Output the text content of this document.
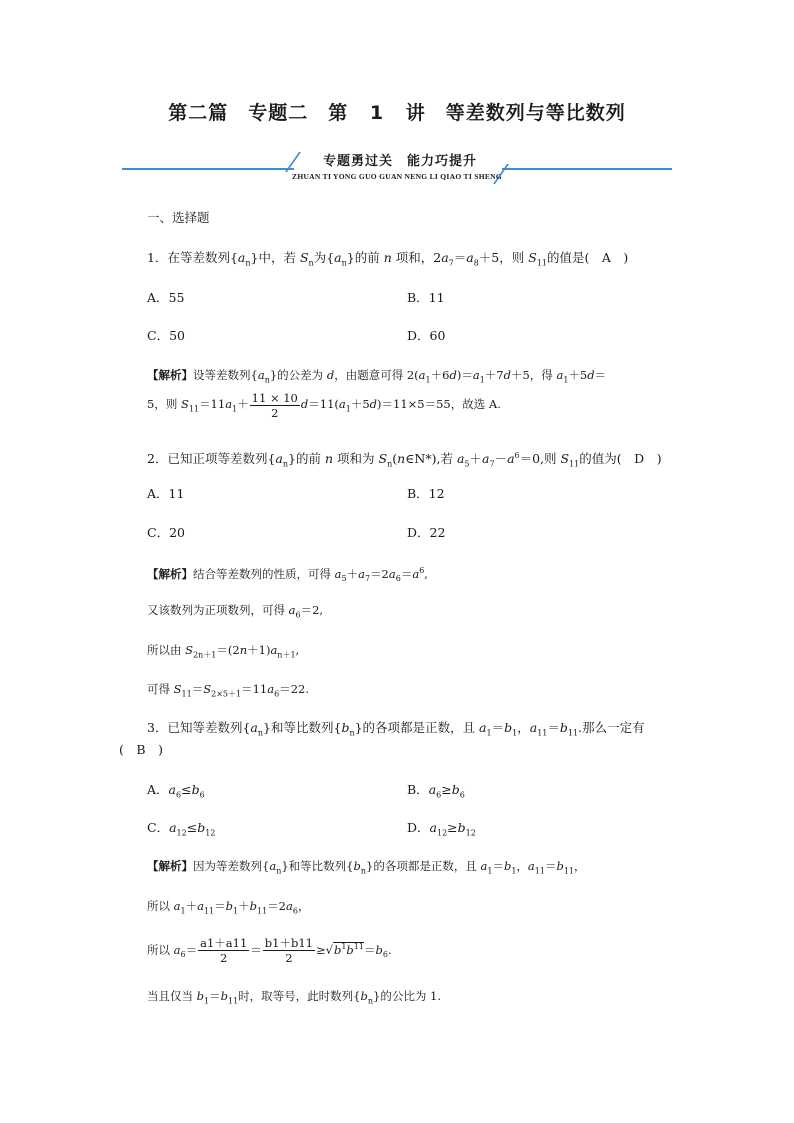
第二篇　专题二　第 1 讲　等差数列与等比数列
专题勇过关　能力巧提升
ZHUAN TI YONG GUO GUAN NENG LI QIAO TI SHENG
一、选择题
1．在等差数列$\{a_n\}$中，若 $S_n$为$\{a_n\}$的前 n 项和，$2a_7=a_8+5$，则 $S_{11}$的值是(　A　)
A．55	B．11
C．50	D．60
【解析】设等差数列$\{a_n\}$的公差为 d，由题意可得 $2(a_1+6d)=a_1+7d+5$，得 $a_1+5d=$
5，则 $S_{11}=11a_1+ \frac{11 \times 10}{2} d=11(a_1+5d)=11\times 5=55$，故选 A.
2．已知正项等差数列$\{a_n\}$的前 n 项和为 $S_n(n\in N*)$,若 $a_5+a_7-a^6=0$,则 $S_{11}$的值为(　D　)
A．11	B．12
C．20	D．22
【解析】结合等差数列的性质，可得 $a_5+a_7=2a_6=a^6$,
又该数列为正项数列，可得 $a_6=2$,
所以由 $S_{2n+1}=(2n+1)a_{n+1}$,
可得 $S_{11}=S_{2\times 5+1}=11a_6=22$.
3．已知等差数列$\{a_n\}$和等比数列$\{b_n\}$的各项都是正数，且 $a_1=b_1$，$a_{11}=b_{11}$.那么一定有
(　B　)
A．$a_6\le b_6$	B．$a_6\ge b_6$
C．$a_{12}\le b_{12}$	D．$a_{12}\ge b_{12}$
【解析】因为等差数列$\{a_n\}$和等比数列$\{b_n\}$的各项都是正数，且 $a_1=b_1$，$a_{11}=b_{11}$，
所以 $a_1+a_{11}=b_1+b_{11}=2a_6$，
所以 $a_6= \frac{a1+a11}{2} = \frac{b1+b11}{2} \ge√b^1b^{11}=b_6$.
当且仅当 $b_1=b_{11}$时，取等号，此时数列$\{b_n\}$的公比为 1.
